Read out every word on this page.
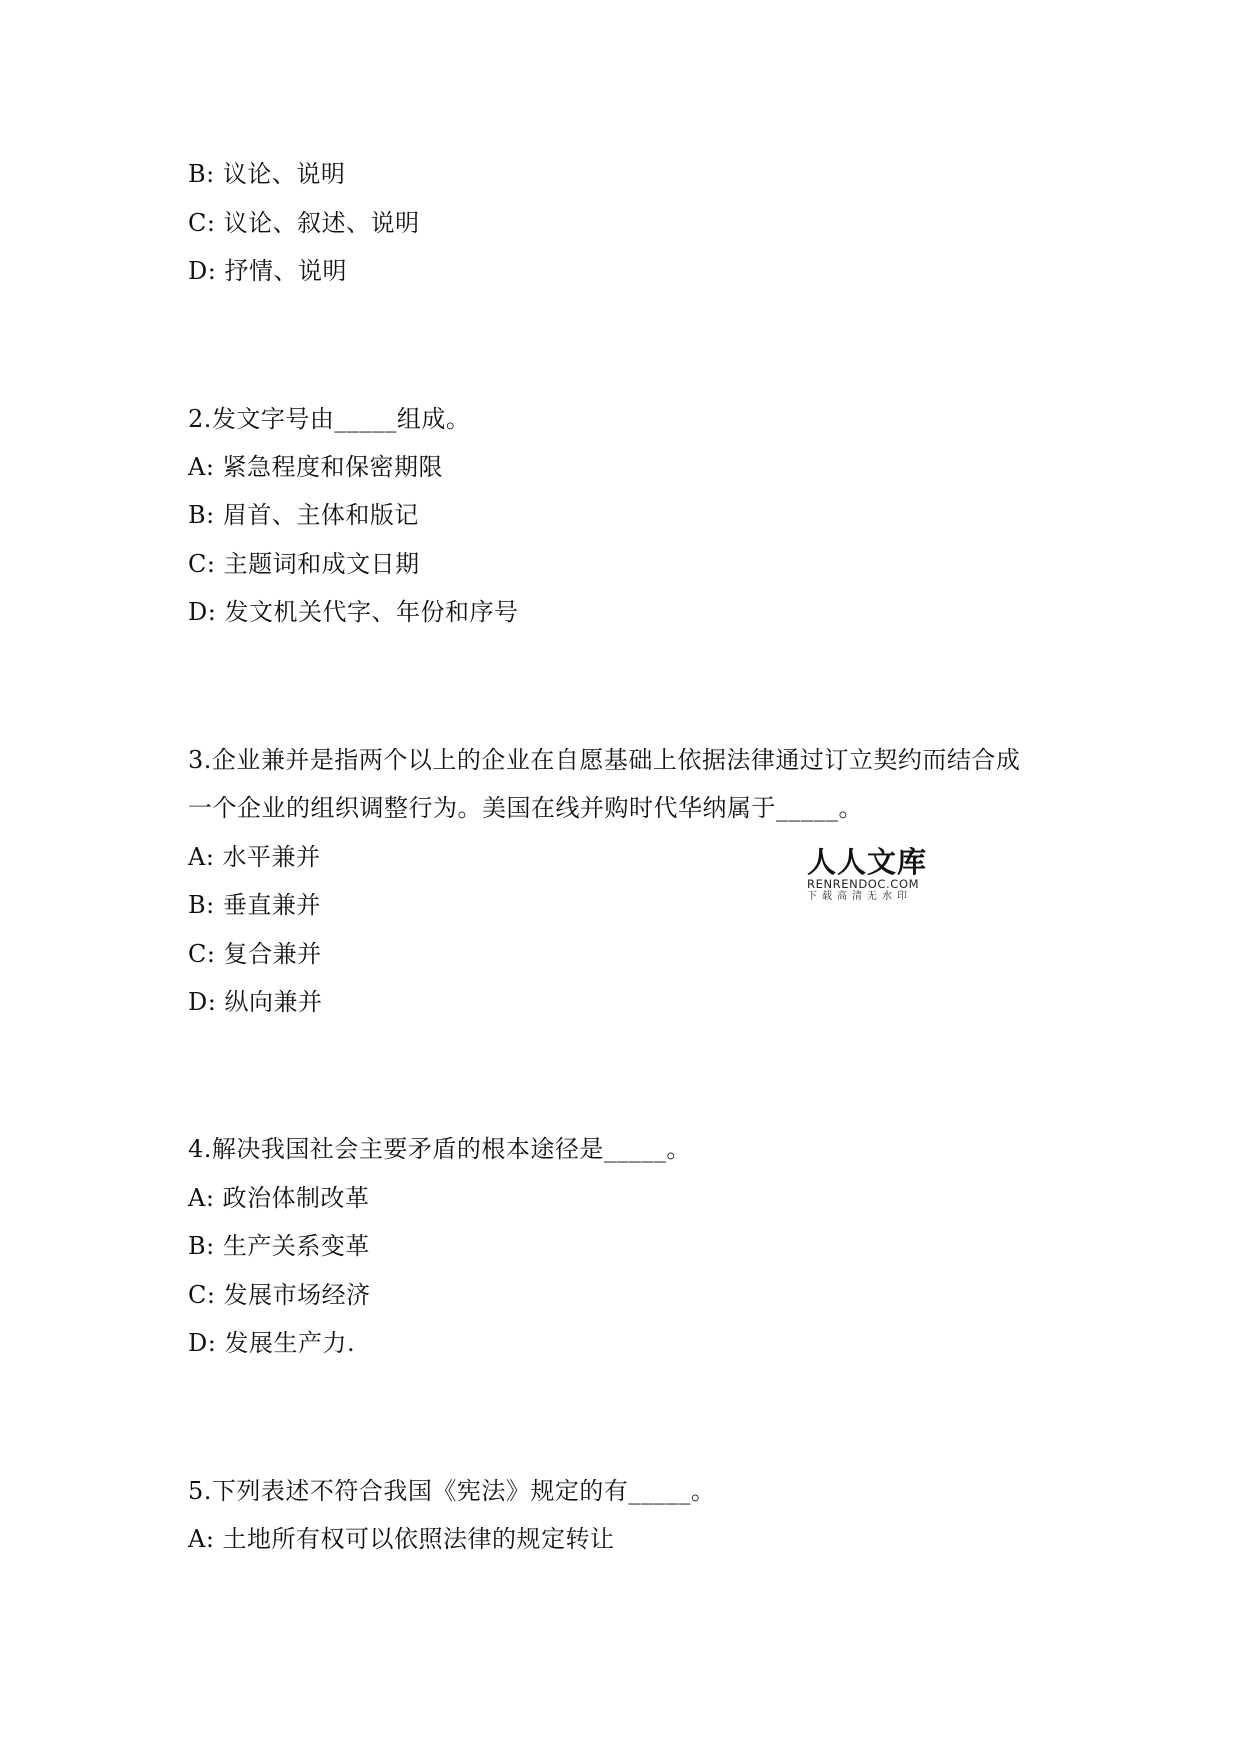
B: 议论、说明
C: 议论、叙述、说明
D: 抒情、说明
2.发文字号由_____组成。
A: 紧急程度和保密期限
B: 眉首、主体和版记
C: 主题词和成文日期
D: 发文机关代字、年份和序号
3.企业兼并是指两个以上的企业在自愿基础上依据法律通过订立契约而结合成
一个企业的组织调整行为。美国在线并购时代华纳属于_____。
A: 水平兼并
B: 垂直兼并
C: 复合兼并
D: 纵向兼并
4.解决我国社会主要矛盾的根本途径是_____。
A: 政治体制改革
B: 生产关系变革
C: 发展市场经济
D: 发展生产力.
5.下列表述不符合我国《宪法》规定的有_____。
A: 土地所有权可以依照法律的规定转让
人人文库
RENRENDOC.COM
下载高清无水印
